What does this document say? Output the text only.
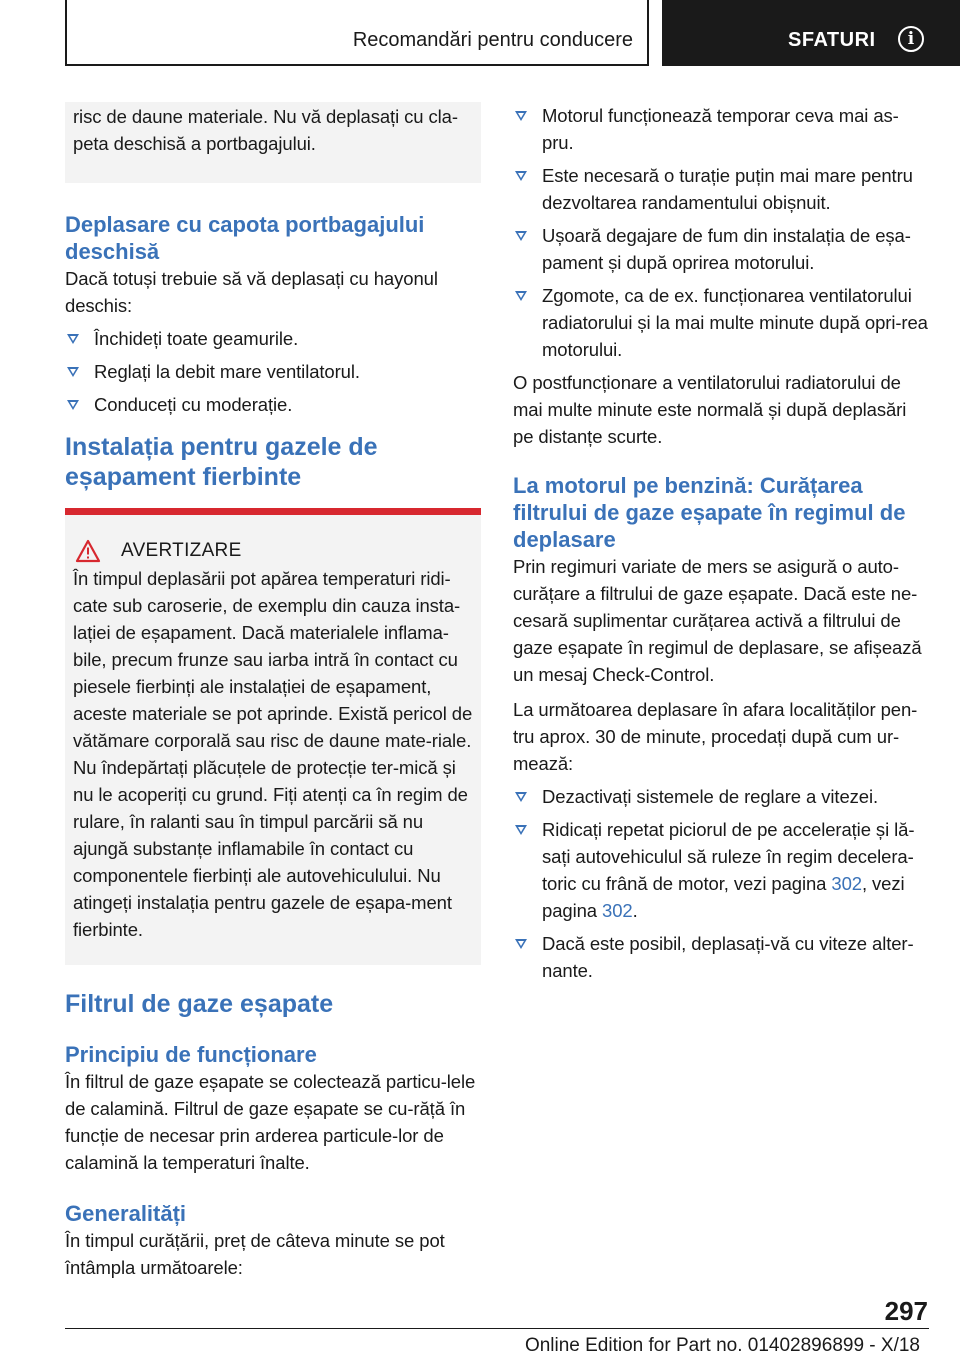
Recomandări pentru conducere	SFATURI	i

risc de daune materiale. Nu vă deplasați cu cla-peta deschisă a portbagajului.

Deplasare cu capota portbagajului deschisă

Dacă totuși trebuie să vă deplasați cu hayonul deschis:

Închideți toate geamurile.
Reglați la debit mare ventilatorul.
Conduceți cu moderație.
Instalația pentru gazele de eșapament fierbinte
AVERTIZARE

În timpul deplasării pot apărea temperaturi ridi-cate sub caroserie, de exemplu din cauza insta-lației de eșapament. Dacă materialele inflama-bile, precum frunze sau iarba intră în contact cu piesele fierbinți ale instalației de eșapament, aceste materiale se pot aprinde. Există pericol de vătămare corporală sau risc de daune mate-riale. Nu îndepărtați plăcuțele de protecție ter-mică și nu le acoperiți cu grund. Fiți atenți ca în regim de rulare, în ralanti sau în timpul parcării să nu ajungă substanțe inflamabile în contact cu componentele fierbinți ale autovehiculului. Nu atingeți instalația pentru gazele de eșapa-ment fierbinte.

Filtrul de gaze eșapate
Principiu de funcționare

În filtrul de gaze eșapate se colectează particu-lele de calamină. Filtrul de gaze eșapate se cu-răță în funcție de necesar prin arderea particule-lor de calamină la temperaturi înalte.

Generalități

În timpul curățării, preț de câteva minute se pot întâmpla următoarele:

Motorul funcționează temporar ceva mai as-pru.
Este necesară o turație puțin mai mare pentru dezvoltarea randamentului obișnuit.
Ușoară degajare de fum din instalația de eșa-pament și după oprirea motorului.
Zgomote, ca de ex. funcționarea ventilatorului radiatorului și la mai multe minute după opri-rea motorului.

O postfuncționare a ventilatorului radiatorului de mai multe minute este normală și după deplasări pe distanțe scurte.

La motorul pe benzină: Curățarea filtrului de gaze eșapate în regimul de deplasare

Prin regimuri variate de mers se asigură o auto-curățare a filtrului de gaze eșapate. Dacă este ne-cesară suplimentar curățarea activă a filtrului de gaze eșapate în regimul de deplasare, se afișează un mesaj Check-Control.

La următoarea deplasare în afara localităților pen-tru aprox. 30 de minute, procedați după cum ur-mează:

Dezactivați sistemele de reglare a vitezei.
Ridicați repetat piciorul de pe accelerație și lă-sați autovehiculul să ruleze în regim decelera-toric cu frână de motor, vezi pagina 302, vezi pagina 302.
Dacă este posibil, deplasați-vă cu viteze alter-nante.
297
Online Edition for Part no. 01402896899 - X/18
